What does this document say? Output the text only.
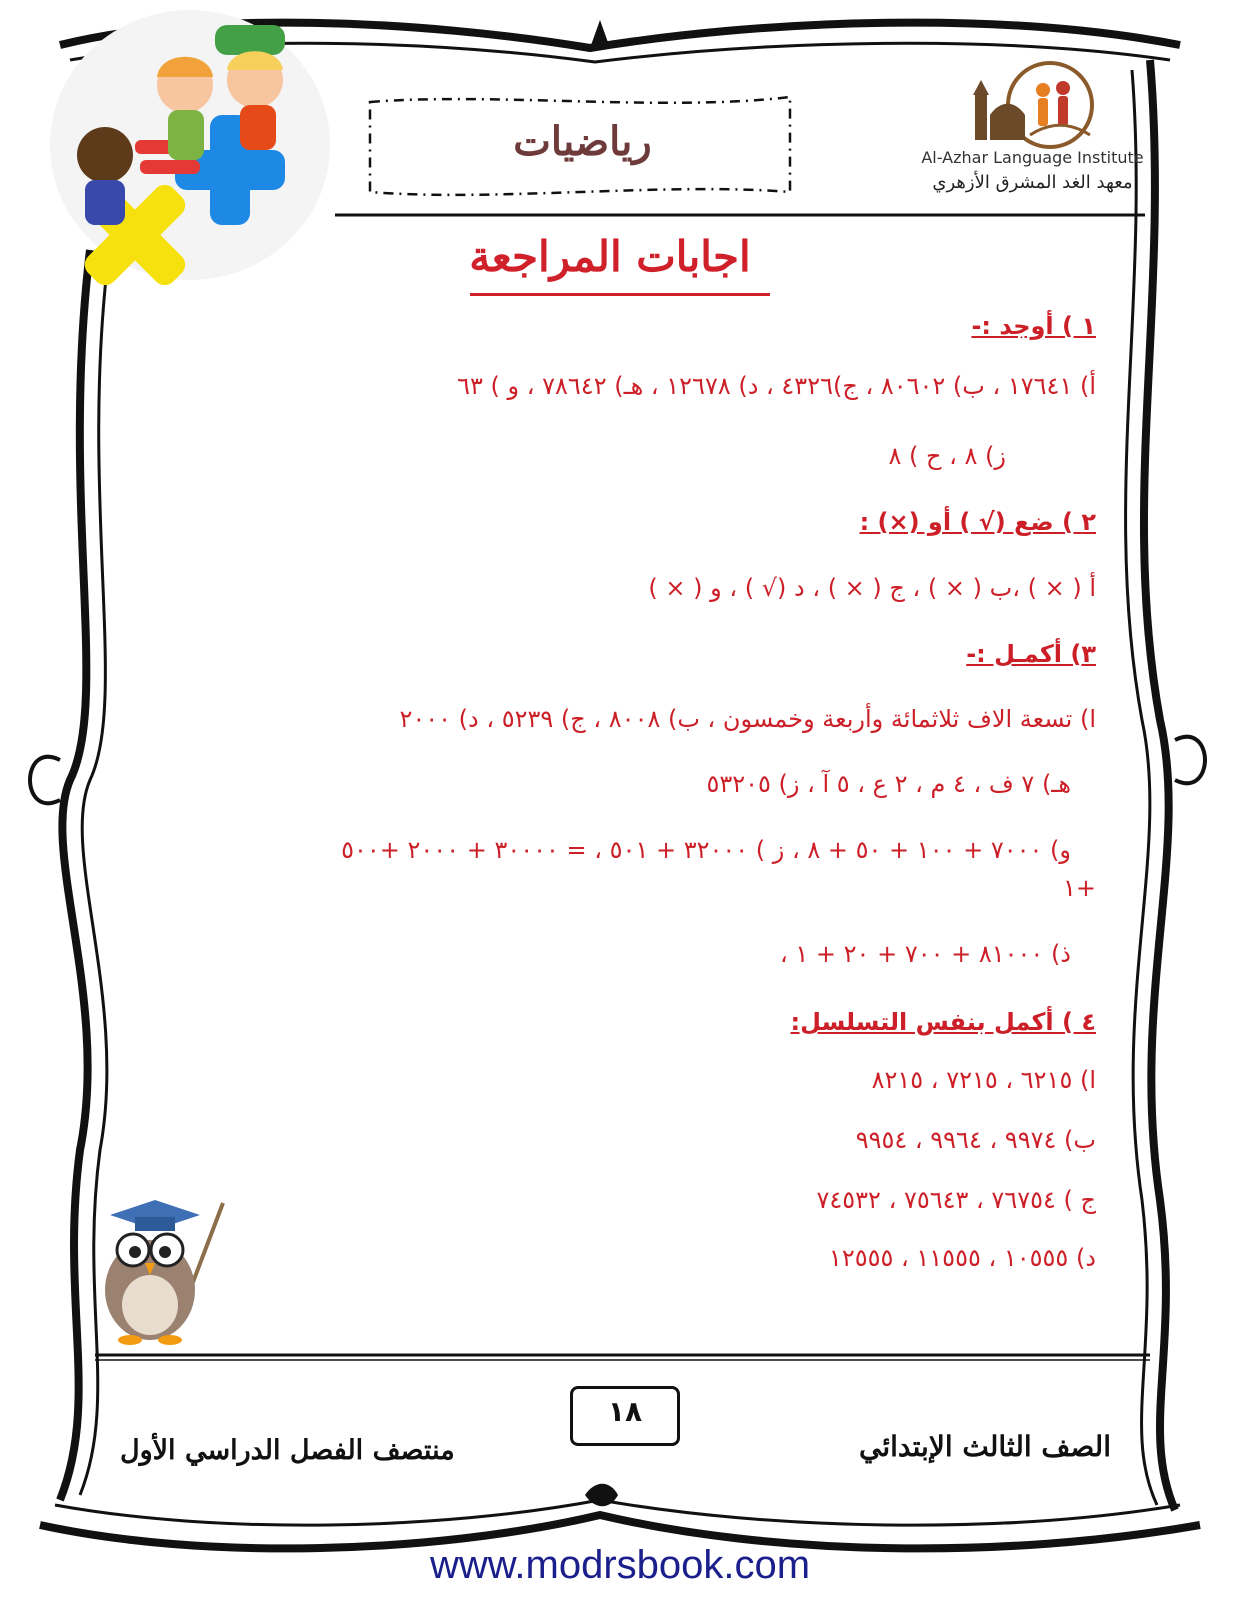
رياضيات	Al-Azhar Language Institute
معهد الغد المشرق الأزهري
اجابات المراجعة
١ ) أوجد :-
أ) ١٧٦٤١ ، ب) ٨٠٦٠٢ ، ج)٤٣٢٦ ، د) ١٢٦٧٨ ، هـ) ٧٨٦٤٢ ، و ) ٦٣
ز) ٨ ، ح ) ٨
٢ ) ضع (√ ) أو (×) :
أ ( × ) ،ب ( × ) ، ج ( × ) ، د (√ ) ، و ( × )
٣) أكمـل :-
ا) تسعة الاف ثلاثمائة وأربعة وخمسون ، ب) ٨٠٠٨ ، ج) ٥٢٣٩ ، د) ٢٠٠٠
هـ) ٧ ف ، ٤ م ، ٢ ع ، ٥ آ ، ز) ٥٣٢٠٥
و) ٧٠٠٠ + ١٠٠ + ٥٠ + ٨ ، ز ) ٣٢٠٠٠ + ٥٠١ ، = ٣٠٠٠٠ + ٢٠٠٠ +٥٠٠
+١
ذ) ٨١٠٠٠ + ٧٠٠ + ٢٠ + ١ ،
٤ ) أكمل بنفس التسلسل:
ا) ٦٢١٥ ، ٧٢١٥ ، ٨٢١٥
ب) ٩٩٧٤ ، ٩٩٦٤ ، ٩٩٥٤
ج ) ٧٦٧٥٤ ، ٧٥٦٤٣ ، ٧٤٥٣٢
د) ١٠٥٥٥ ، ١١٥٥٥ ، ١٢٥٥٥
١٨
الصف الثالث الإبتدائي
منتصف الفصل الدراسي الأول
www.modrsbook.com
